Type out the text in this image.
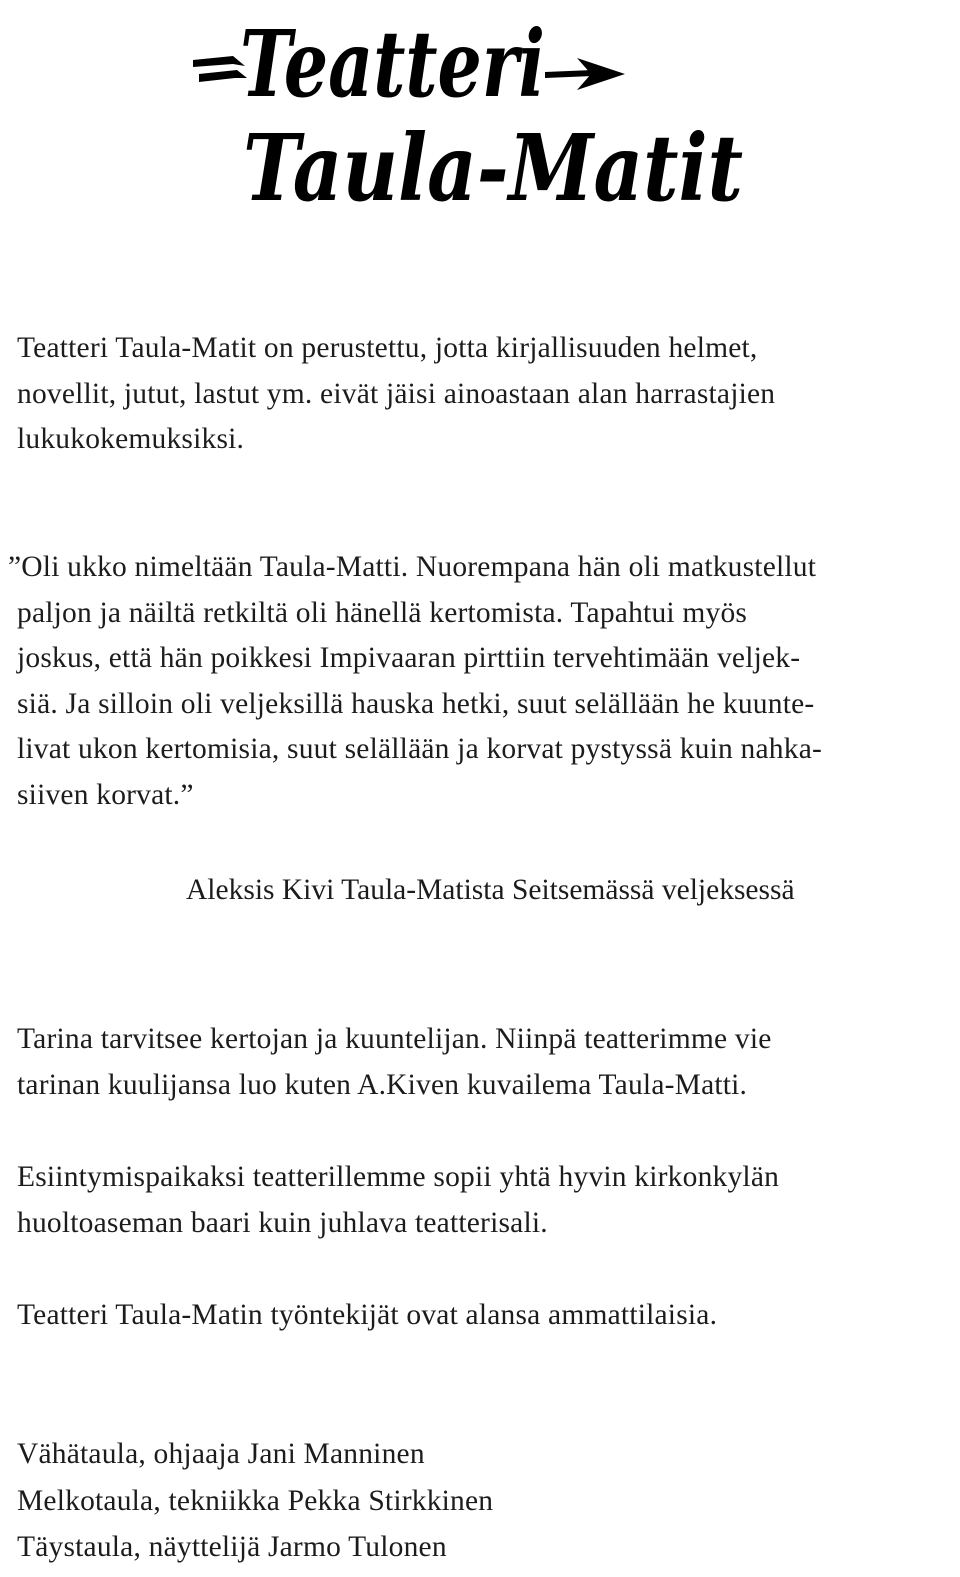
Teatteri
Taula-Matit
Teatteri Taula-Matit on perustettu, jotta kirjallisuuden helmet,
novellit, jutut, lastut ym. eivät jäisi ainoastaan alan harrastajien
lukukokemuksiksi.
”Oli ukko nimeltään Taula-Matti. Nuorempana hän oli matkustellut
paljon ja näiltä retkiltä oli hänellä kertomista. Tapahtui myös
joskus, että hän poikkesi Impivaaran pirttiin tervehtimään veljek-
siä. Ja silloin oli veljeksillä hauska hetki, suut selällään he kuunte-
livat ukon kertomisia, suut selällään ja korvat pystyssä kuin nahka-
siiven korvat.”
Aleksis Kivi Taula-Matista Seitsemässä veljeksessä
Tarina tarvitsee kertojan ja kuuntelijan. Niinpä teatterimme vie
tarinan kuulijansa luo kuten A.Kiven kuvailema Taula-Matti.
Esiintymispaikaksi teatterillemme sopii yhtä hyvin kirkonkylän
huoltoaseman baari kuin juhlava teatterisali.
Teatteri Taula-Matin työntekijät ovat alansa ammattilaisia.
Vähätaula, ohjaaja Jani Manninen
Melkotaula, tekniikka Pekka Stirkkinen
Täystaula, näyttelijä Jarmo Tulonen
